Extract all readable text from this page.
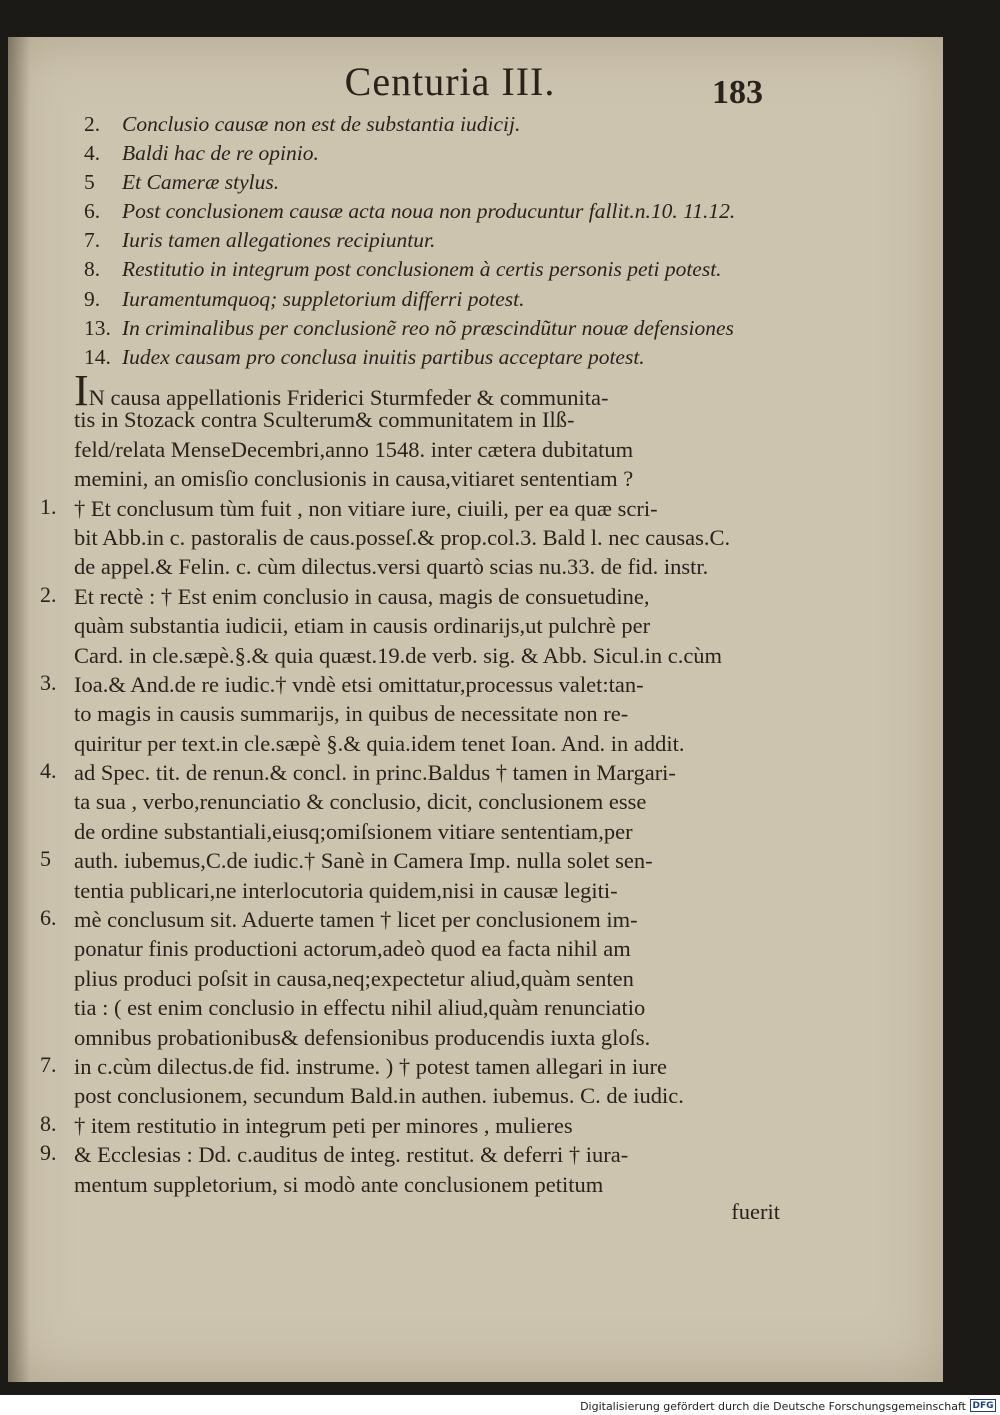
Centuria III.	183
2. Conclusio causæ non est de substantia iudicij.
4. Baldi hac de re opinio.
5 Et Cameræ stylus.
6. Post conclusionem causæ acta noua non producuntur fallit.n.10. 11.12.
7. Iuris tamen allegationes recipiuntur.
8. Restitutio in integrum post conclusionem à certis personis peti potest.
9. Iuramentumquoq; suppletorium differri potest.
13. In criminalibus per conclusionẽ reo nõ præscindũtur nouæ defensiones
14. Iudex causam pro conclusa inuitis partibus acceptare potest.
1.
2.
3.
4.
5
6.
7.
8.
9.
IN causa appellationis Friderici Sturmfeder & communita-
tis in Stozack contra Sculterum& communitatem in Ilß-
feld/relata MenseDecembri,anno 1548. inter cætera dubitatum
memini, an omisſio conclusionis in causa,vitiaret sententiam ?
† Et conclusum tùm fuit , non vitiare iure, ciuili, per ea quæ scri-
bit Abb.in c. pastoralis de caus.posseſ.& prop.col.3. Bald l. nec causas.C.
de appel.& Felin. c. cùm dilectus.versi quartò scias nu.33. de fid. instr.
Et rectè : † Est enim conclusio in causa, magis de consuetudine,
quàm substantia iudicii, etiam in causis ordinarijs,ut pulchrè per
Card. in cle.sæpè.§.& quia quæst.19.de verb. sig. & Abb. Sicul.in c.cùm
Ioa.& And.de re iudic.† vndè etsi omittatur,processus valet:tan-
to magis in causis summarijs, in quibus de necessitate non re-
quiritur per text.in cle.sæpè §.& quia.idem tenet Ioan. And. in addit.
ad Spec. tit. de renun.& concl. in princ.Baldus † tamen in Margari-
ta sua , verbo,renunciatio & conclusio, dicit, conclusionem esse
de ordine substantiali,eiusq;omiſsionem vitiare sententiam,per
auth. iubemus,C.de iudic.† Sanè in Camera Imp. nulla solet sen-
tentia publicari,ne interlocutoria quidem,nisi in causæ legiti-
mè conclusum sit. Aduerte tamen † licet per conclusionem im-
ponatur finis productioni actorum,adeò quod ea facta nihil am
plius produci poſsit in causa,neq;expectetur aliud,quàm senten
tia : ( est enim conclusio in effectu nihil aliud,quàm renunciatio
omnibus probationibus& defensionibus producendis iuxta gloſs.
in c.cùm dilectus.de fid. instrume. ) † potest tamen allegari in iure
post conclusionem, secundum Bald.in authen. iubemus. C. de iudic.
† item restitutio in integrum peti per minores , mulieres
& Ecclesias : Dd. c.auditus de integ. restitut. & deferri † iura-
mentum suppletorium, si modò ante conclusionem petitum
fuerit
Digitalisierung gefördert durch die Deutsche Forschungsgemeinschaft DFG
